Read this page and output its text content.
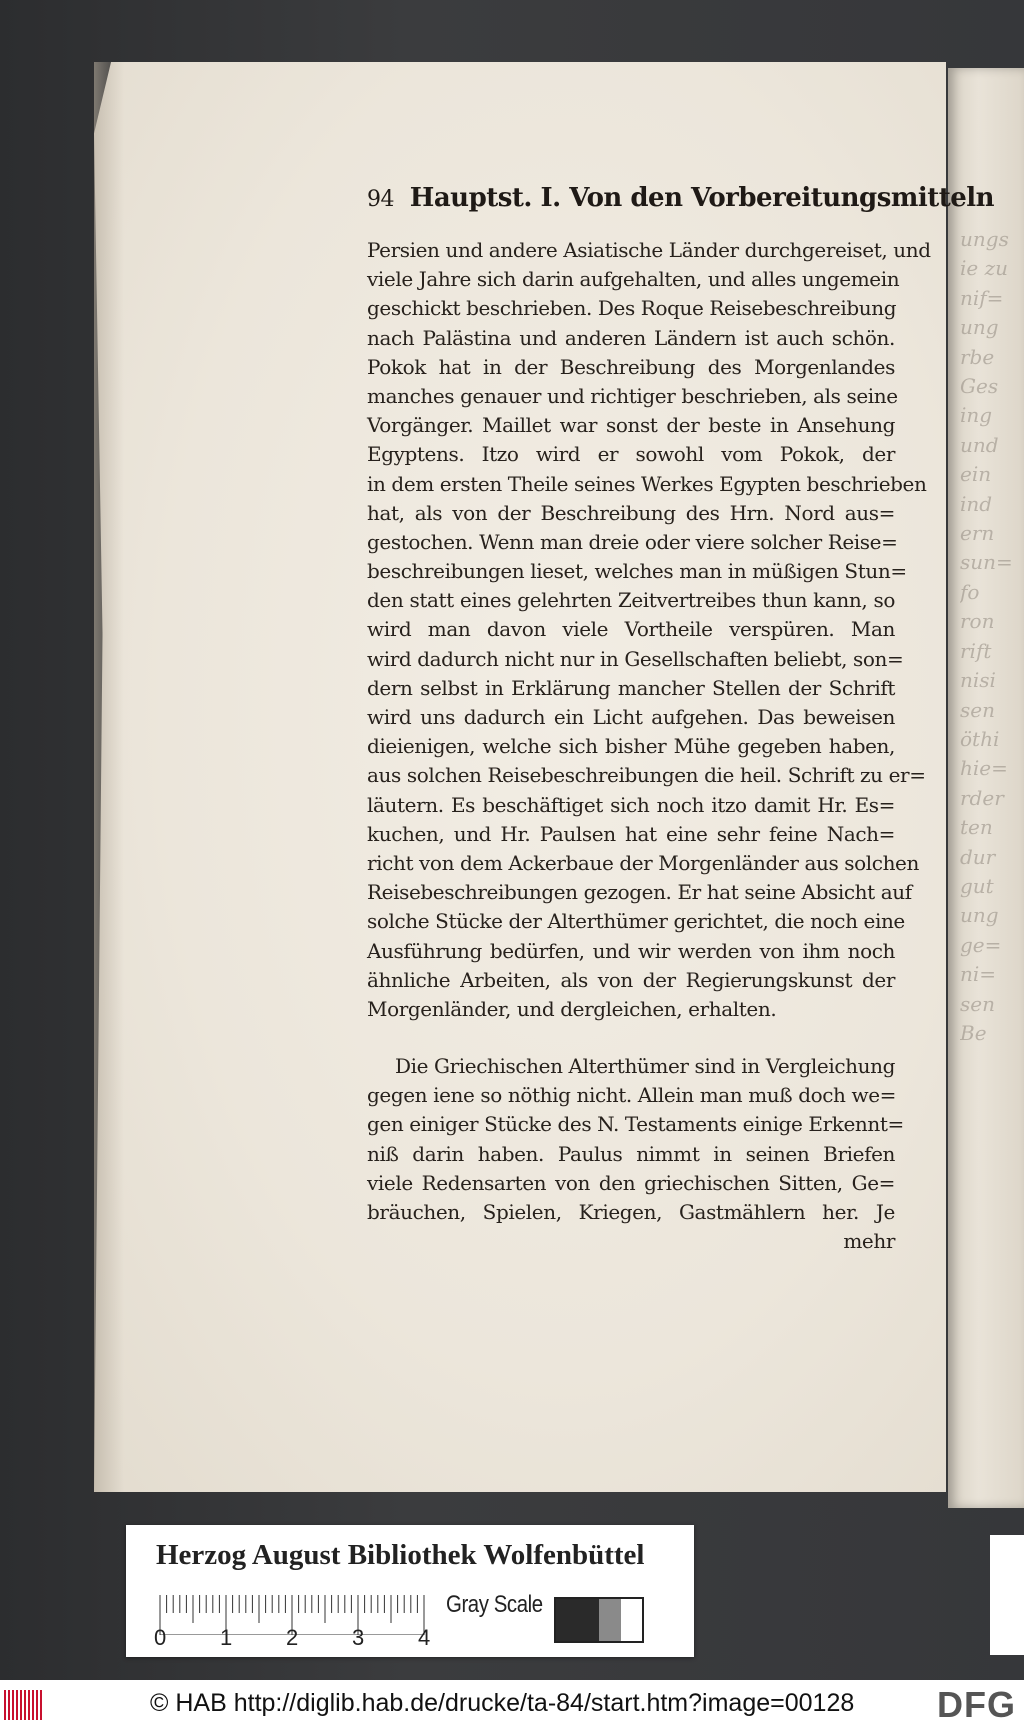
ungs
ie zu
nif=
ung
rbe
Ges
ing
und
ein
ind
ern
sun=
fo
ron
rift
nisi
sen
öthi
hie=
rder
ten
dur
gut
ung
ge=
ni=
sen
Be
94 Hauptst. I. Von den Vorbereitungsmitteln
Persien und andere Asiatische Länder durchgereiset, und
viele Jahre sich darin aufgehalten, und alles ungemein
geschickt beschrieben. Des Roque Reisebeschreibung
nach Palästina und anderen Ländern ist auch schön.
Pokok hat in der Beschreibung des Morgenlandes
manches genauer und richtiger beschrieben, als seine
Vorgänger. Maillet war sonst der beste in Ansehung
Egyptens. Itzo wird er sowohl vom Pokok, der
in dem ersten Theile seines Werkes Egypten beschrieben
hat, als von der Beschreibung des Hrn. Nord aus=
gestochen. Wenn man dreie oder viere solcher Reise=
beschreibungen lieset, welches man in müßigen Stun=
den statt eines gelehrten Zeitvertreibes thun kann, so
wird man davon viele Vortheile verspüren. Man
wird dadurch nicht nur in Gesellschaften beliebt, son=
dern selbst in Erklärung mancher Stellen der Schrift
wird uns dadurch ein Licht aufgehen. Das beweisen
dieienigen, welche sich bisher Mühe gegeben haben,
aus solchen Reisebeschreibungen die heil. Schrift zu er=
läutern. Es beschäftiget sich noch itzo damit Hr. Es=
kuchen, und Hr. Paulsen hat eine sehr feine Nach=
richt von dem Ackerbaue der Morgenländer aus solchen
Reisebeschreibungen gezogen. Er hat seine Absicht auf
solche Stücke der Alterthümer gerichtet, die noch eine
Ausführung bedürfen, und wir werden von ihm noch
ähnliche Arbeiten, als von der Regierungskunst der
Morgenländer, und dergleichen, erhalten.
Die Griechischen Alterthümer sind in Vergleichung
gegen iene so nöthig nicht. Allein man muß doch we=
gen einiger Stücke des N. Testaments einige Erkennt=
niß darin haben. Paulus nimmt in seinen Briefen
viele Redensarten von den griechischen Sitten, Ge=
bräuchen, Spielen, Kriegen, Gastmählern her. Je
mehr
Herzog August Bibliothek Wolfenbüttel
0 1 2 3 4
Gray Scale
© HAB http://diglib.hab.de/drucke/ta-84/start.htm?image=00128 DFG
